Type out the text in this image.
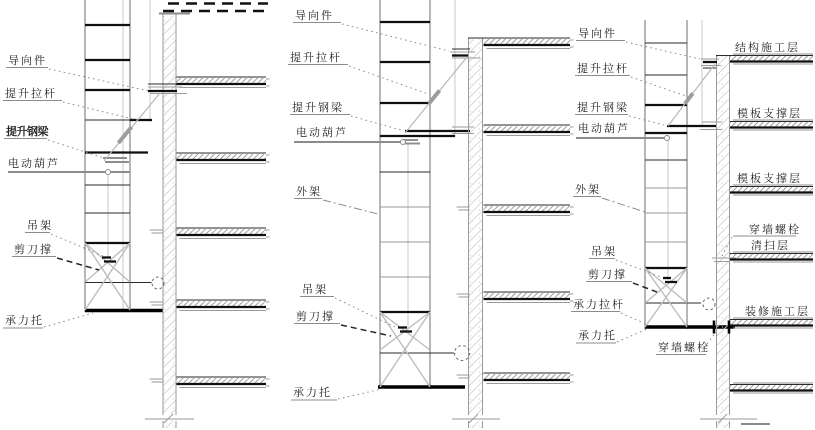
导向件
提升拉杆
提升钢梁
电动葫芦
吊架
剪刀撑
承力托
导向件
提升拉杆
提升钢梁
电动葫芦
外架
吊架
剪刀撑
承力托
导向件
提升拉杆
提升钢梁
电动葫芦
外架
吊架
剪刀撑
承力拉杆
承力托
穿墙螺栓
结构施工层
模板支撑层
模板支撑层
穿墙螺栓
清扫层
装修施工层
